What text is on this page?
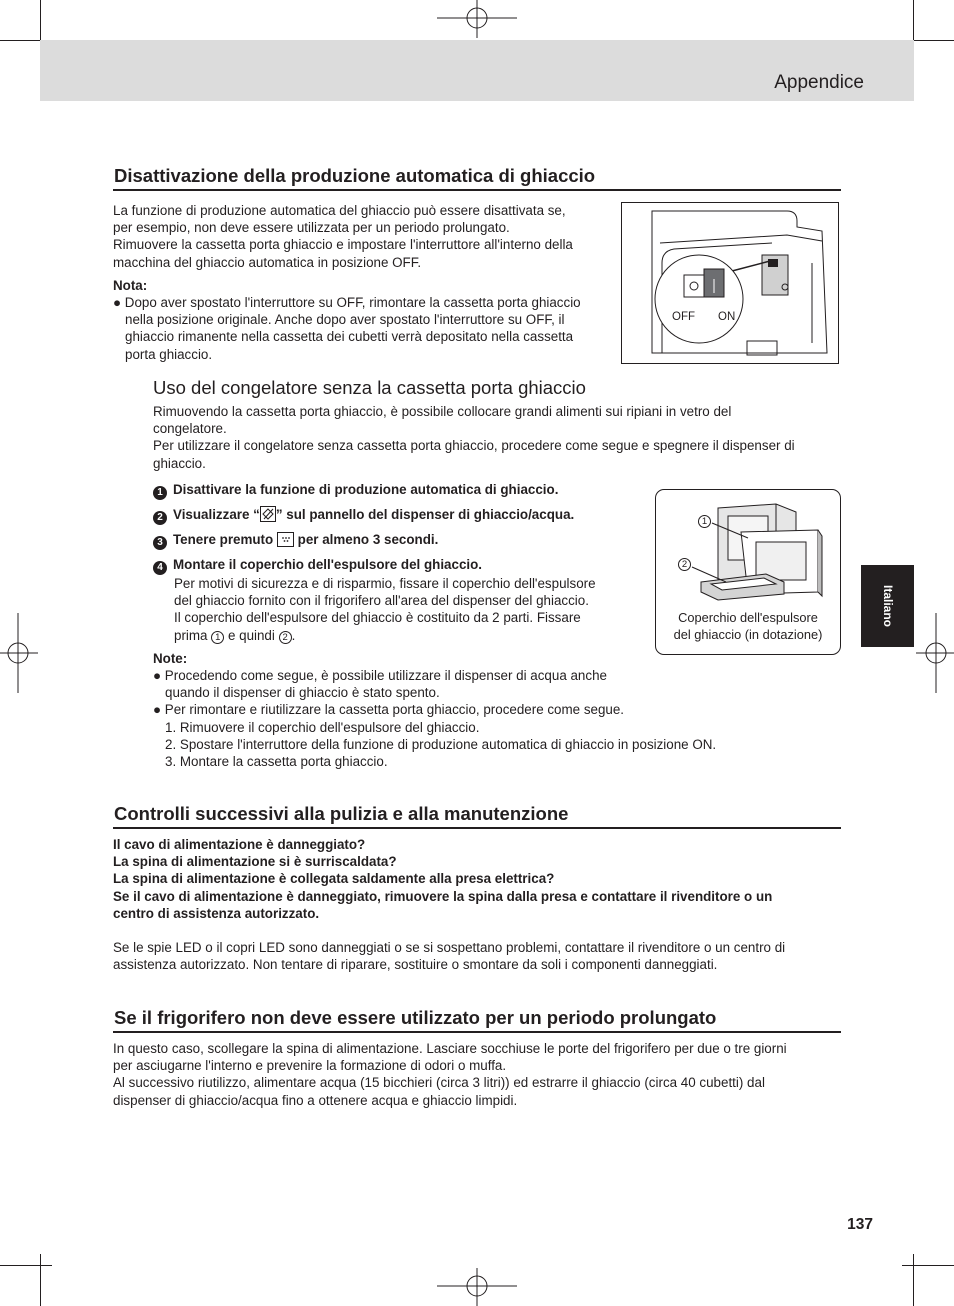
Appendice
Disattivazione della produzione automatica di ghiaccio
La funzione di produzione automatica del ghiaccio può essere disattivata se,
per esempio, non deve essere utilizzata per un periodo prolungato.
Rimuovere la cassetta porta ghiaccio e impostare l'interruttore all'interno della
macchina del ghiaccio automatica in posizione OFF.
Nota:
● Dopo aver spostato l'interruttore su OFF, rimontare la cassetta porta ghiaccio
nella posizione originale. Anche dopo aver spostato l'interruttore su OFF, il
ghiaccio rimanente nella cassetta dei cubetti verrà depositato nella cassetta
porta ghiaccio.
OFF ON
Uso del congelatore senza la cassetta porta ghiaccio
Rimuovendo la cassetta porta ghiaccio, è possibile collocare grandi alimenti sui ripiani in vetro del
congelatore.
Per utilizzare il congelatore senza cassetta porta ghiaccio, procedere come segue e spegnere il dispenser di
ghiaccio.
1 Disattivare la funzione di produzione automatica di ghiaccio.
2 Visualizzare “ ” sul pannello del dispenser di ghiaccio/acqua.
3 Tenere premuto per almeno 3 secondi.
4 Montare il coperchio dell'espulsore del ghiaccio.
Per motivi di sicurezza e di risparmio, fissare il coperchio dell'espulsore
del ghiaccio fornito con il frigorifero all'area del dispenser del ghiaccio.
Il coperchio dell'espulsore del ghiaccio è costituito da 2 parti. Fissare
prima 1 e quindi 2 .
1
2
Coperchio dell'espulsore
del ghiaccio (in dotazione)
Note:
● Procedendo come segue, è possibile utilizzare il dispenser di acqua anche
quando il dispenser di ghiaccio è stato spento.
● Per rimontare e riutilizzare la cassetta porta ghiaccio, procedere come segue.
1. Rimuovere il coperchio dell'espulsore del ghiaccio.
2. Spostare l'interruttore della funzione di produzione automatica di ghiaccio in posizione ON.
3. Montare la cassetta porta ghiaccio.
Controlli successivi alla pulizia e alla manutenzione
Il cavo di alimentazione è danneggiato?
La spina di alimentazione si è surriscaldata?
La spina di alimentazione è collegata saldamente alla presa elettrica?
Se il cavo di alimentazione è danneggiato, rimuovere la spina dalla presa e contattare il rivenditore o un
centro di assistenza autorizzato.
Se le spie LED o il copri LED sono danneggiati o se si sospettano problemi, contattare il rivenditore o un centro di
assistenza autorizzato. Non tentare di riparare, sostituire o smontare da soli i componenti danneggiati.
Se il frigorifero non deve essere utilizzato per un periodo prolungato
In questo caso, scollegare la spina di alimentazione. Lasciare socchiuse le porte del frigorifero per due o tre giorni
per asciugarne l'interno e prevenire la formazione di odori o muffa.
Al successivo riutilizzo, alimentare acqua (15 bicchieri (circa 3 litri)) ed estrarre il ghiaccio (circa 40 cubetti) dal
dispenser di ghiaccio/acqua fino a ottenere acqua e ghiaccio limpidi.
Italiano
137
